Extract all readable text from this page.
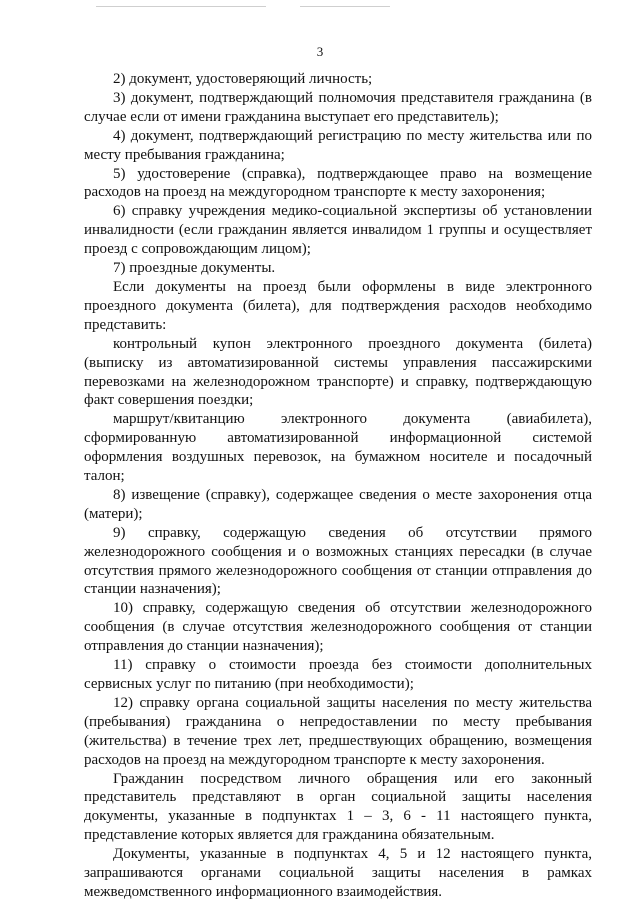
3

2) документ, удостоверяющий личность;

3) документ, подтверждающий полномочия представителя гражданина (в случае если от имени гражданина выступает его представитель);

4) документ, подтверждающий регистрацию по месту жительства или по месту пребывания гражданина;

5) удостоверение (справка), подтверждающее право на возмещение расходов на проезд на междугородном транспорте к месту захоронения;

6) справку учреждения медико-социальной экспертизы об установлении инвалидности (если гражданин является инвалидом 1 группы и осуществляет проезд с сопровождающим лицом);

7) проездные документы.

Если документы на проезд были оформлены в виде электронного проездного документа (билета), для подтверждения расходов необходимо представить:

контрольный купон электронного проездного документа (билета) (выписку из автоматизированной системы управления пассажирскими перевозками на железнодорожном транспорте) и справку, подтверждающую факт совершения поездки;

маршрут/квитанцию электронного документа (авиабилета), сформированную автоматизированной информационной системой оформления воздушных перевозок, на бумажном носителе и посадочный талон;

8) извещение (справку), содержащее сведения о месте захоронения отца (матери);

9) справку, содержащую сведения об отсутствии прямого железнодорожного сообщения и о возможных станциях пересадки (в случае отсутствия прямого железнодорожного сообщения от станции отправления до станции назначения);

10) справку, содержащую сведения об отсутствии железнодорожного сообщения (в случае отсутствия железнодорожного сообщения от станции отправления до станции назначения);

11) справку о стоимости проезда без стоимости дополнительных сервисных услуг по питанию (при необходимости);

12) справку органа социальной защиты населения по месту жительства (пребывания) гражданина о непредоставлении по месту пребывания (жительства) в течение трех лет, предшествующих обращению, возмещения расходов на проезд на междугородном транспорте к месту захоронения.

Гражданин посредством личного обращения или его законный представитель представляют в орган социальной защиты населения документы, указанные в подпунктах 1 – 3, 6 - 11 настоящего пункта, представление которых является для гражданина обязательным.

Документы, указанные в подпунктах 4, 5 и 12 настоящего пункта, запрашиваются органами социальной защиты населения в рамках межведомственного информационного взаимодействия.
